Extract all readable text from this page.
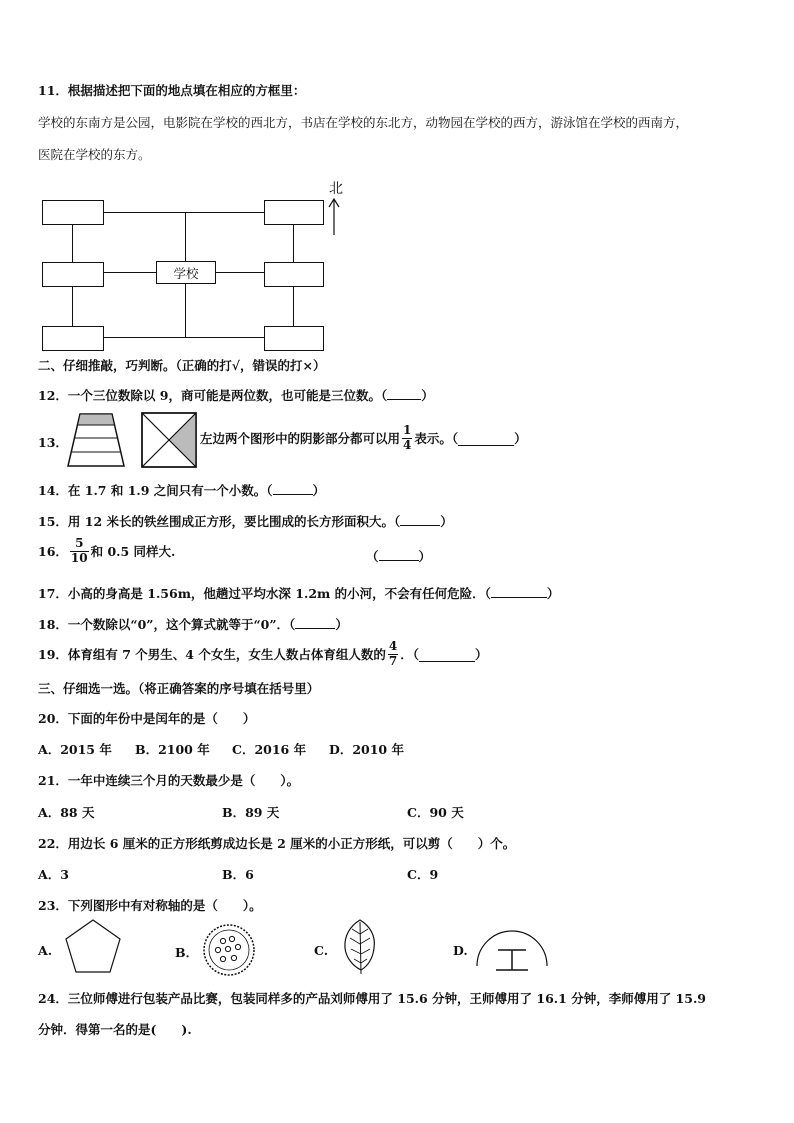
11．根据描述把下面的地点填在相应的方框里：
学校的东南方是公园，电影院在学校的西北方，书店在学校的东北方，动物园在学校的西方，游泳馆在学校的西南方，
医院在学校的东方。
学校
北
二、仔细推敲，巧判断。（正确的打√，错误的打×）
12．一个三位数除以 9，商可能是两位数，也可能是三位数。（	）
13．	左边两个图形中的阴影部分都可以用 $\frac{1}{4}$ 表示。（	）
14．在 1.7 和 1.9 之间只有一个小数。（	）
15．用 12 米长的铁丝围成正方形，要比围成的长方形面积大。（	）
16． $\frac{5}{10}$ 和 0.5 同样大.	（	）
17．小高的身高是 1.56m，他趟过平均水深 1.2m 的小河，不会有任何危险．（	）
18．一个数除以“0”，这个算式就等于“0”．（	）
19．体育组有 7 个男生、4 个女生，女生人数占体育组人数的 $\frac{4}{7}$ ．（	）
三、仔细选一选。（将正确答案的序号填在括号里）
20．下面的年份中是闰年的是（　　）
A．2015 年 B．2100 年 C．2016 年 D．2010 年
21．一年中连续三个月的天数最少是（　　）。
A．88 天	B．89 天	C．90 天
22．用边长 6 厘米的正方形纸剪成边长是 2 厘米的小正方形纸，可以剪（　　）个。
A．3	B．6	C．9
23．下列图形中有对称轴的是（　　）。
A.	B．	C.	D.
24．三位师傅进行包装产品比赛，包装同样多的产品刘师傅用了 15.6 分钟，王师傅用了 16.1 分钟，李师傅用了 15.9
分钟．得第一名的是(　　).
